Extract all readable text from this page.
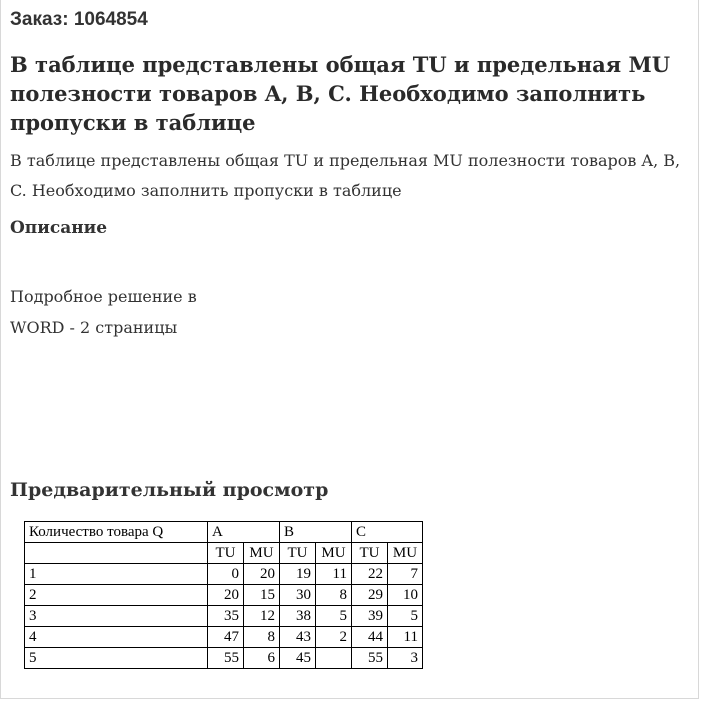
Заказ: 1064854
В таблице представлены общая TU и предельная MU полезности товаров A, B, C. Необходимо заполнить пропуски в таблице
В таблице представлены общая TU и предельная MU полезности товаров A, B, C. Необходимо заполнить пропуски в таблице
Описание
Подробное решение в
WORD - 2 страницы
Предварительный просмотр
Количество товара Q	A		B		C	
	TU	MU	TU	MU	TU	MU
1	0	20	19	11	22	7
2	20	15	30	8	29	10
3	35	12	38	5	39	5
4	47	8	43	2	44	11
5	55	6	45		55	3
